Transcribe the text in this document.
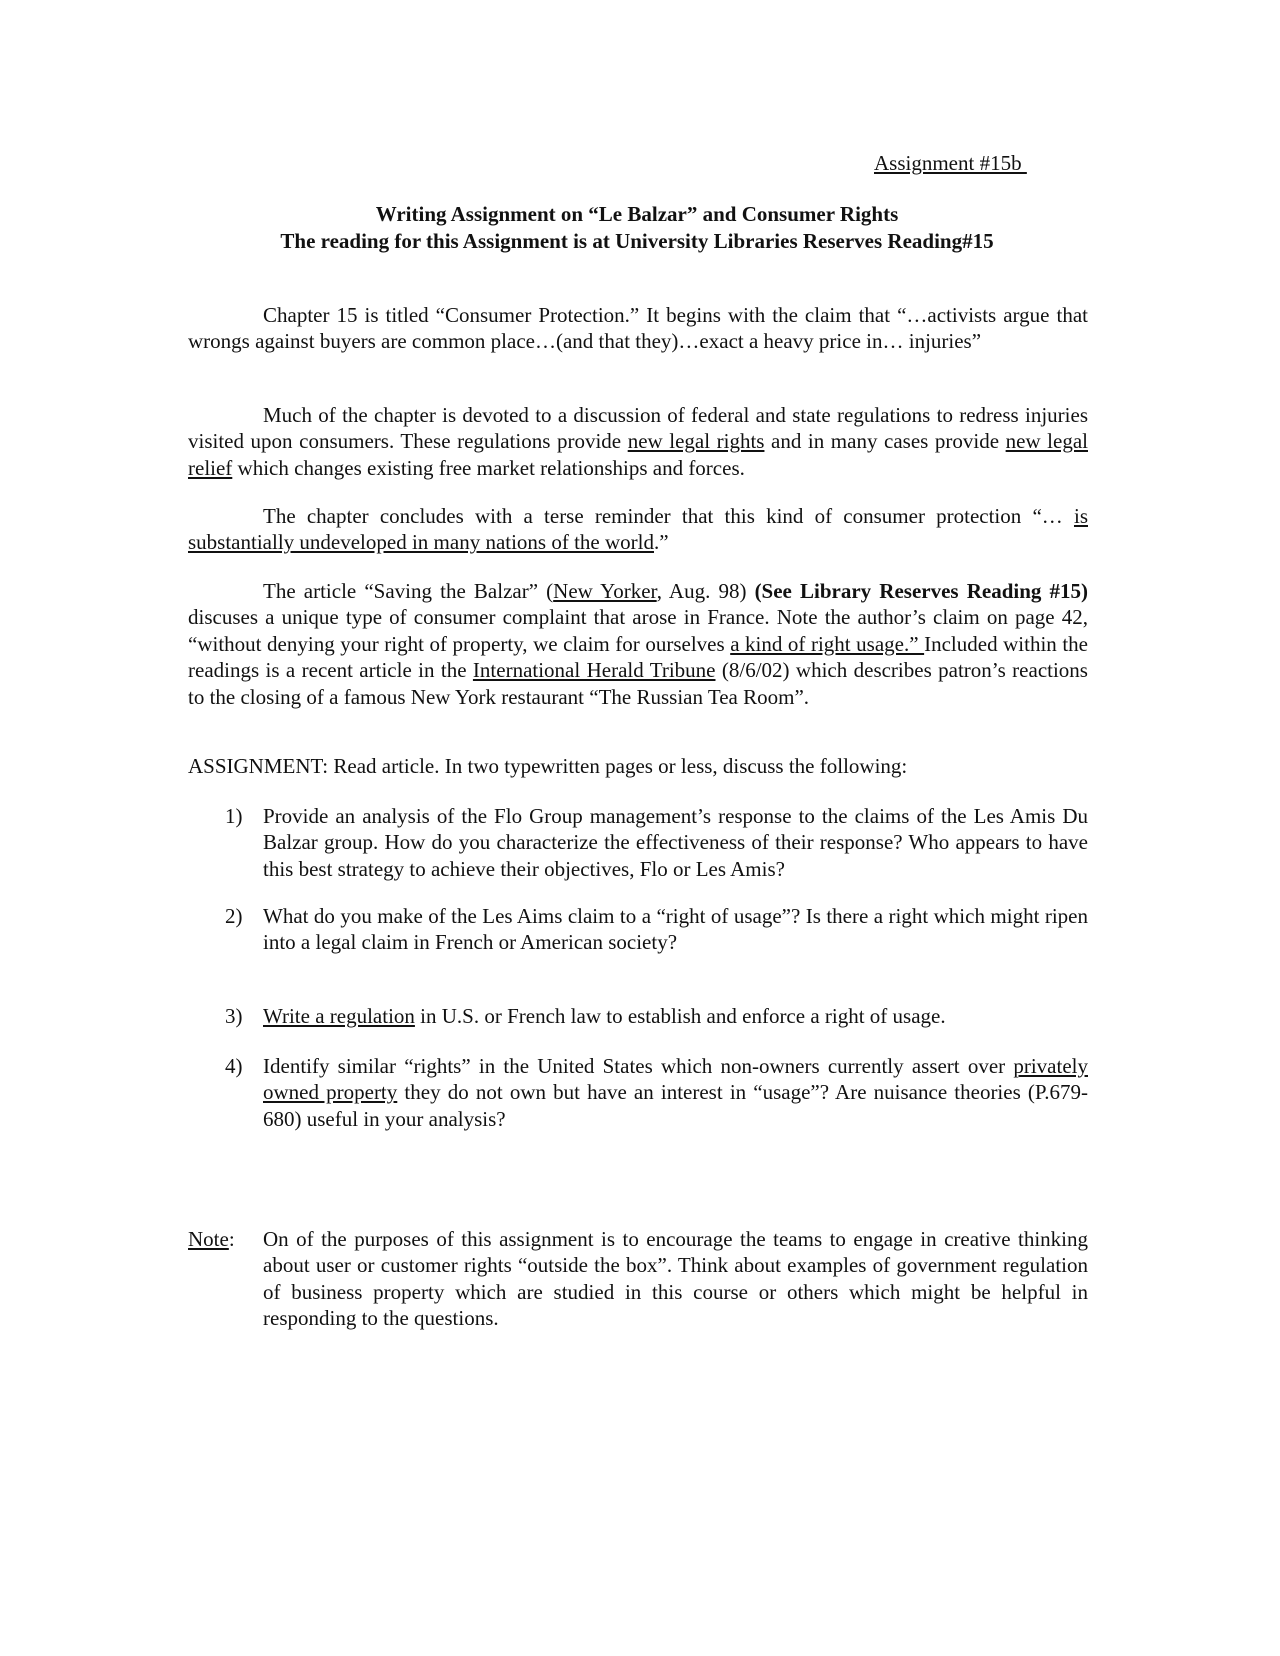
Assignment #15b
Writing Assignment on “Le Balzar” and Consumer Rights
The reading for this Assignment is at University Libraries Reserves Reading#15
Chapter 15 is titled “Consumer Protection.” It begins with the claim that “…activists argue that wrongs against buyers are common place…(and that they)…exact a heavy price in… injuries”
Much of the chapter is devoted to a discussion of federal and state regulations to redress injuries visited upon consumers. These regulations provide new legal rights and in many cases provide new legal relief which changes existing free market relationships and forces.
The chapter concludes with a terse reminder that this kind of consumer protection “… is substantially undeveloped in many nations of the world.”
The article “Saving the Balzar” (New Yorker, Aug. 98) (See Library Reserves Reading #15) discuses a unique type of consumer complaint that arose in France. Note the author’s claim on page 42, “without denying your right of property, we claim for ourselves a kind of right usage.” Included within the readings is a recent article in the International Herald Tribune (8/6/02) which describes patron’s reactions to the closing of a famous New York restaurant “The Russian Tea Room”.
ASSIGNMENT: Read article. In two typewritten pages or less, discuss the following:
1) Provide an analysis of the Flo Group management’s response to the claims of the Les Amis Du Balzar group. How do you characterize the effectiveness of their response? Who appears to have this best strategy to achieve their objectives, Flo or Les Amis?
2) What do you make of the Les Aims claim to a “right of usage”? Is there a right which might ripen into a legal claim in French or American society?
3) Write a regulation in U.S. or French law to establish and enforce a right of usage.
4) Identify similar “rights” in the United States which non-owners currently assert over privately owned property they do not own but have an interest in “usage”? Are nuisance theories (P.679-680) useful in your analysis?
Note: On of the purposes of this assignment is to encourage the teams to engage in creative thinking about user or customer rights “outside the box”. Think about examples of government regulation of business property which are studied in this course or others which might be helpful in responding to the questions.
